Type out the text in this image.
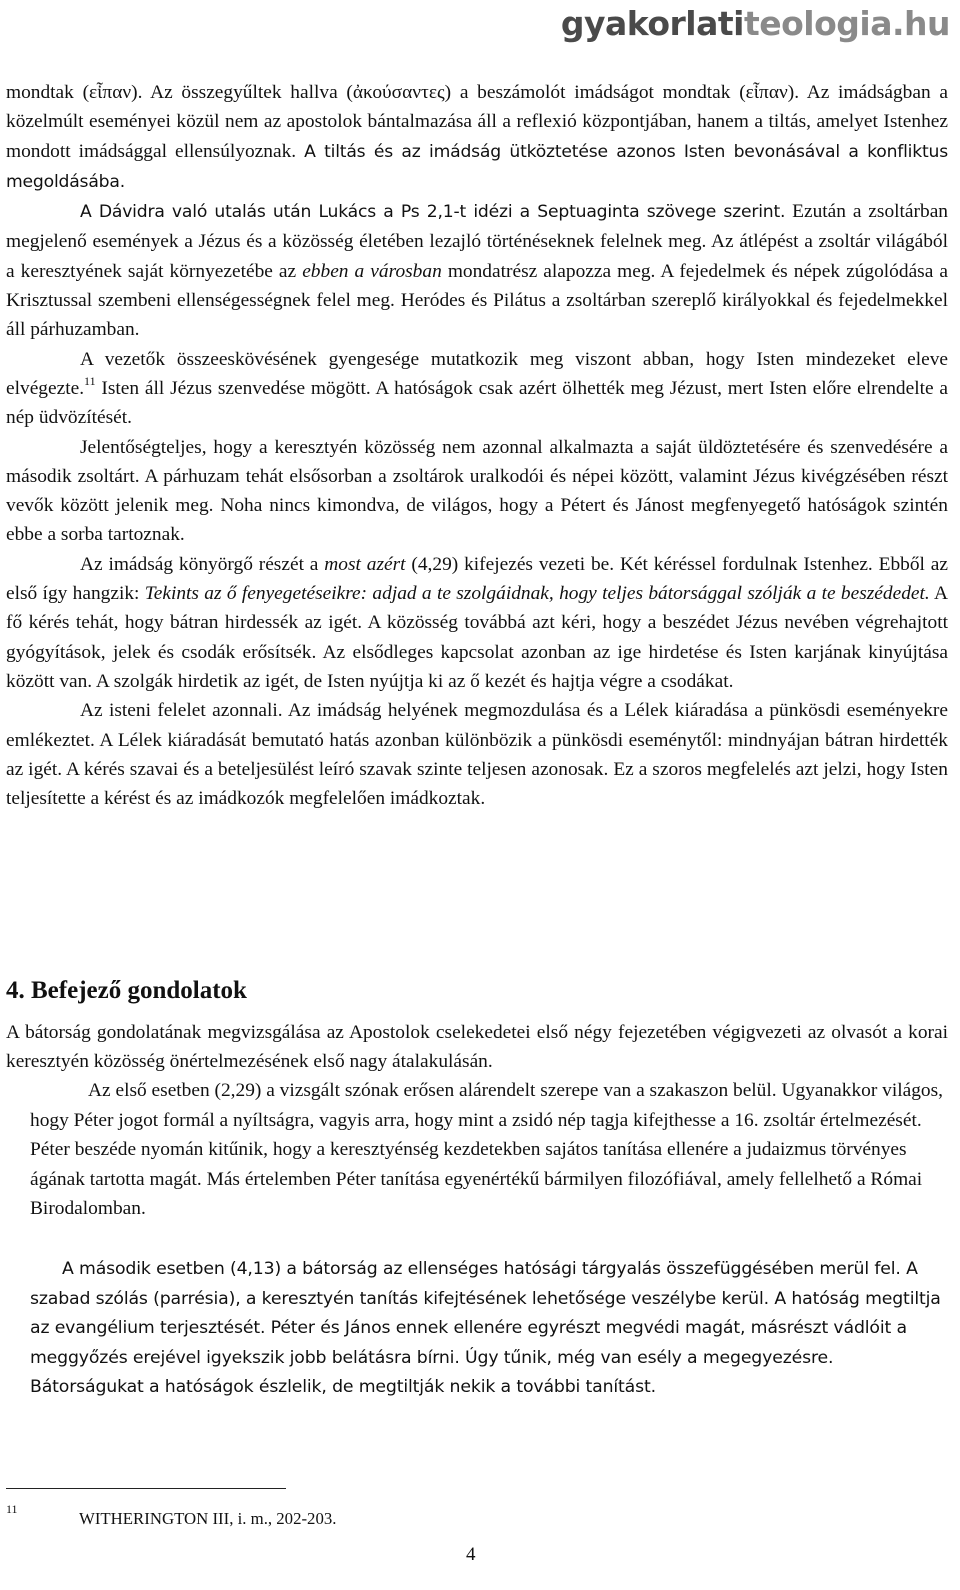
gyakorlatiteologia.hu

mondtak (εἶπαν). Az összegyűltek hallva (ἀκούσαντες) a beszámolót imádságot mondtak (εἶπαν). Az imádságban a közelmúlt eseményei közül nem az apostolok bántalmazása áll a reflexió központjában, hanem a tiltás, amelyet Istenhez mondott imádsággal ellensúlyoznak. A tiltás és az imádság ütköztetése azonos Isten bevonásával a konfliktus megoldásába.

A Dávidra való utalás után Lukács a Ps 2,1-t idézi a Septuaginta szövege szerint. Ezután a zsoltárban megjelenő események a Jézus és a közösség életében lezajló történéseknek felelnek meg. Az átlépést a zsoltár világából a keresztyének saját környezetébe az ebben a városban mondatrész alapozza meg. A fejedelmek és népek zúgolódása a Krisztussal szembeni ellenségességnek felel meg. Heródes és Pilátus a zsoltárban szereplő királyokkal és fejedelmekkel áll párhuzamban.

A vezetők összeeskövésének gyengesége mutatkozik meg viszont abban, hogy Isten mindezeket eleve elvégezte.$^{11}$ Isten áll Jézus szenvedése mögött. A hatóságok csak azért ölhették meg Jézust, mert Isten előre elrendelte a nép üdvözítését.

Jelentőségteljes, hogy a keresztyén közösség nem azonnal alkalmazta a saját üldöztetésére és szenvedésére a második zsoltárt. A párhuzam tehát elsősorban a zsoltárok uralkodói és népei között, valamint Jézus kivégzésében részt vevők között jelenik meg. Noha nincs kimondva, de világos, hogy a Pétert és Jánost megfenyegető hatóságok szintén ebbe a sorba tartoznak.

Az imádság könyörgő részét a most azért (4,29) kifejezés vezeti be. Két kéréssel fordulnak Istenhez. Ebből az első így hangzik: Tekints az ő fenyegetéseikre: adjad a te szolgáidnak, hogy teljes bátorsággal szólják a te beszédedet. A fő kérés tehát, hogy bátran hirdessék az igét. A közösség továbbá azt kéri, hogy a beszédet Jézus nevében végrehajtott gyógyítások, jelek és csodák erősítsék. Az elsődleges kapcsolat azonban az ige hirdetése és Isten karjának kinyújtása között van. A szolgák hirdetik az igét, de Isten nyújtja ki az ő kezét és hajtja végre a csodákat.

Az isteni felelet azonnali. Az imádság helyének megmozdulása és a Lélek kiáradása a pünkösdi eseményekre emlékeztet. A Lélek kiáradását bemutató hatás azonban különbözik a pünkösdi eseménytől: mindnyájan bátran hirdették az igét. A kérés szavai és a beteljesülést leíró szavak szinte teljesen azonosak. Ez a szoros megfelelés azt jelzi, hogy Isten teljesítette a kérést és az imádkozók megfelelően imádkoztak.

4. Befejező gondolatok

A bátorság gondolatának megvizsgálása az Apostolok cselekedetei első négy fejezetében végigvezeti az olvasót a korai keresztyén közösség önértelmezésének első nagy átalakulásán.

Az első esetben (2,29) a vizsgált szónak erősen alárendelt szerepe van a szakaszon belül. Ugyanakkor világos, hogy Péter jogot formál a nyíltságra, vagyis arra, hogy mint a zsidó nép tagja kifejthesse a 16. zsoltár értelmezését. Péter beszéde nyomán kitűnik, hogy a keresztyénség kezdetekben sajátos tanítása ellenére a judaizmus törvényes ágának tartotta magát. Más értelemben Péter tanítása egyenértékű bármilyen filozófiával, amely fellelhető a Római Birodalomban.

A második esetben (4,13) a bátorság az ellenséges hatósági tárgyalás összefüggésében merül fel. A szabad szólás (parrésia), a keresztyén tanítás kifejtésének lehetősége veszélybe kerül. A hatóság megtiltja az evangélium terjesztését. Péter és János ennek ellenére egyrészt megvédi magát, másrészt vádlóit a meggyőzés erejével igyekszik jobb belátásra bírni. Úgy tűnik, még van esély a megegyezésre. Bátorságukat a hatóságok észlelik, de megtiltják nekik a további tanítást.

11	WITHERINGTON III, i. m., 202-203.
4
